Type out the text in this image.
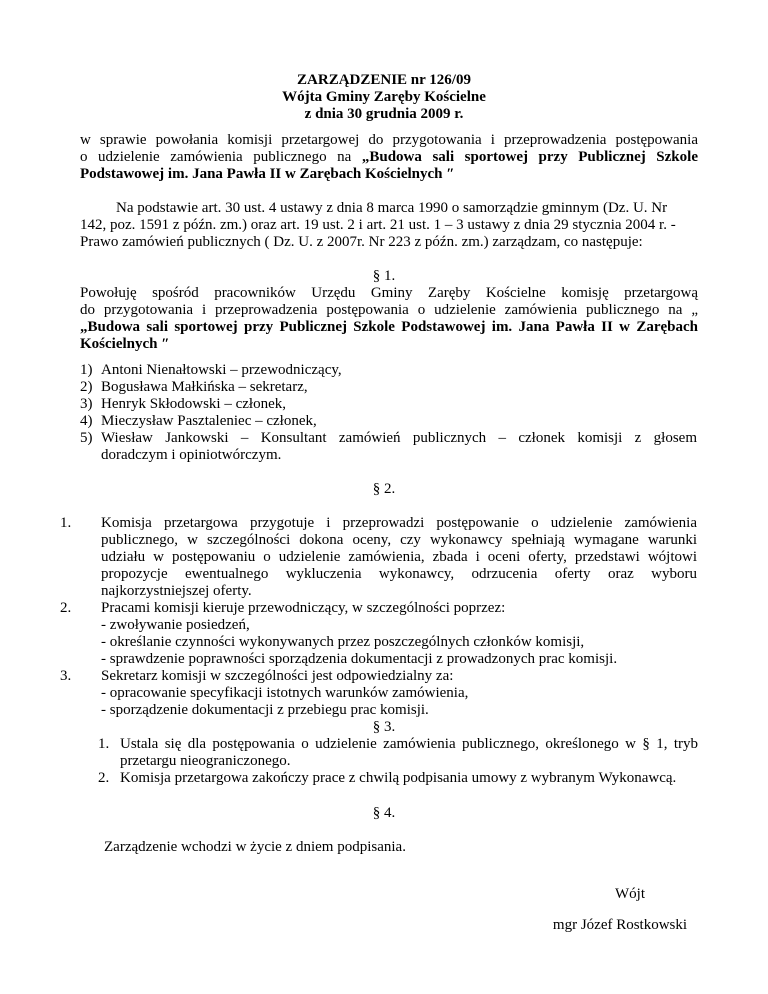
ZARZĄDZENIE nr 126/09
Wójta Gminy Zaręby Kościelne
z dnia 30 grudnia 2009 r.
w sprawie powołania komisji przetargowej do przygotowania i przeprowadzenia postępowania
o udzielenie zamówienia publicznego na „Budowa sali sportowej przy Publicznej Szkole
Podstawowej im. Jana Pawła II w Zarębach Kościelnych ″
Na podstawie art. 30 ust. 4 ustawy z dnia 8 marca 1990 o samorządzie gminnym (Dz. U. Nr
142, poz. 1591 z późn. zm.) oraz art. 19 ust. 2 i art. 21 ust. 1 – 3 ustawy z dnia 29 stycznia 2004 r. -
Prawo zamówień publicznych ( Dz. U. z 2007r. Nr 223 z późn. zm.) zarządzam, co następuje:
§ 1.
Powołuję spośród pracowników Urzędu Gminy Zaręby Kościelne komisję przetargową
do przygotowania i przeprowadzenia postępowania o udzielenie zamówienia publicznego na „
„Budowa sali sportowej przy Publicznej Szkole Podstawowej im. Jana Pawła II w Zarębach
Kościelnych ″
1) Antoni Nienałtowski – przewodniczący,
2) Bogusława Małkińska – sekretarz,
3) Henryk Skłodowski – członek,
4) Mieczysław Pasztaleniec – członek,
5) Wiesław Jankowski – Konsultant zamówień publicznych – członek komisji z głosem
doradczym i opiniotwórczym.
§ 2.
1. Komisja przetargowa przygotuje i przeprowadzi postępowanie o udzielenie zamówienia
publicznego, w szczególności dokona oceny, czy wykonawcy spełniają wymagane warunki
udziału w postępowaniu o udzielenie zamówienia, zbada i oceni oferty, przedstawi wójtowi
propozycje ewentualnego wykluczenia wykonawcy, odrzucenia oferty oraz wyboru
najkorzystniejszej oferty.
2. Pracami komisji kieruje przewodniczący, w szczególności poprzez:
- zwoływanie posiedzeń,
- określanie czynności wykonywanych przez poszczególnych członków komisji,
- sprawdzenie poprawności sporządzenia dokumentacji z prowadzonych prac komisji.
3. Sekretarz komisji w szczególności jest odpowiedzialny za:
- opracowanie specyfikacji istotnych warunków zamówienia,
- sporządzenie dokumentacji z przebiegu prac komisji.
§ 3.
1. Ustala się dla postępowania o udzielenie zamówienia publicznego, określonego w § 1, tryb
przetargu nieograniczonego.
2. Komisja przetargowa zakończy prace z chwilą podpisania umowy z wybranym Wykonawcą.
§ 4.
Zarządzenie wchodzi w życie z dniem podpisania.
Wójt
mgr Józef Rostkowski
